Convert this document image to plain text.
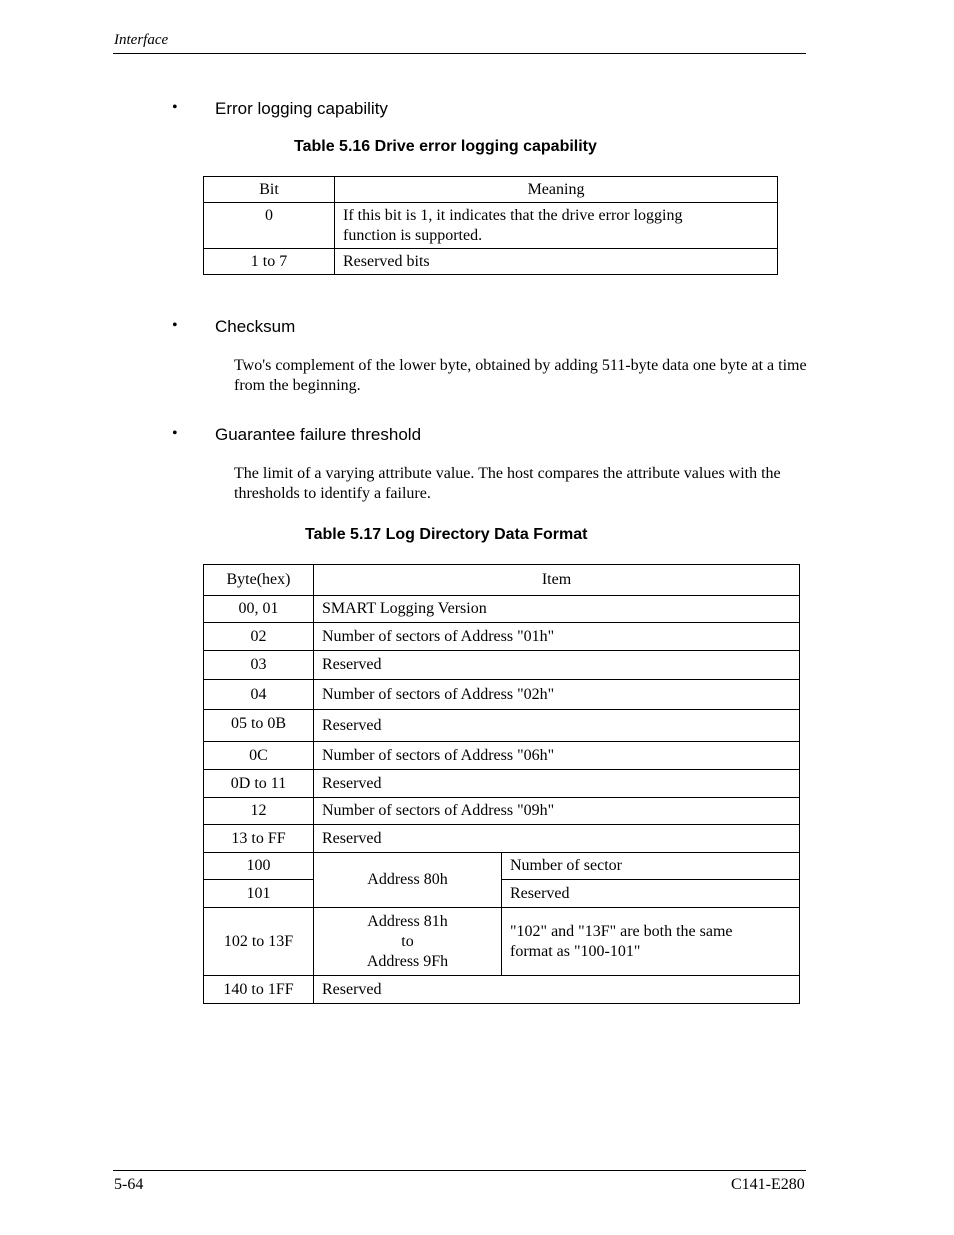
Interface
• Error logging capability
Table 5.16 Drive error logging capability
Bit	Meaning
0	If this bit is 1, it indicates that the drive error logging function is supported.
1 to 7	Reserved bits
• Checksum
Two's complement of the lower byte, obtained by adding 511-byte data one byte at a time from the beginning.
• Guarantee failure threshold
The limit of a varying attribute value. The host compares the attribute values with the thresholds to identify a failure.
Table 5.17 Log Directory Data Format
Byte(hex)	Item	
00, 01	SMART Logging Version	
02	Number of sectors of Address "01h"	
03	Reserved	
04	Number of sectors of Address "02h"	
05 to 0B	Reserved	
0C	Number of sectors of Address "06h"	
0D to 11	Reserved	
12	Number of sectors of Address "09h"	
13 to FF	Reserved	
100	Address 80h	Number of sector
101		Reserved
102 to 13F	Address 81h
to
Address 9Fh	"102" and "13F" are both the same format as "100-101"
140 to 1FF	Reserved	
5-64	C141-E280
